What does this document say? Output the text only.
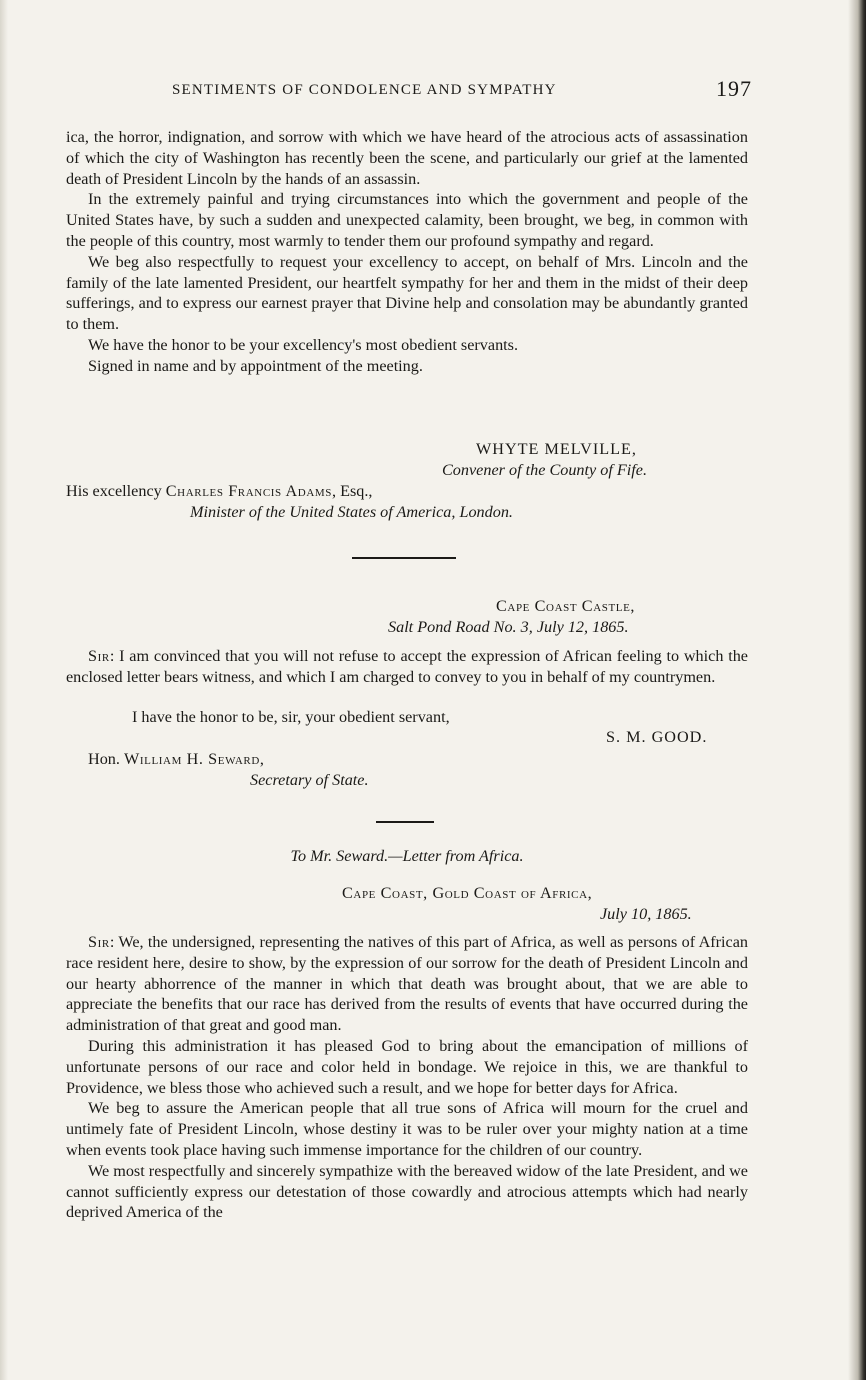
SENTIMENTS OF CONDOLENCE AND SYMPATHY	197

ica, the horror, indignation, and sorrow with which we have heard of the atrocious acts of assassination of which the city of Washington has recently been the scene, and particularly our grief at the lamented death of President Lincoln by the hands of an assassin.

In the extremely painful and trying circumstances into which the government and people of the United States have, by such a sudden and unexpected calamity, been brought, we beg, in common with the people of this country, most warmly to tender them our profound sympathy and regard.

We beg also respectfully to request your excellency to accept, on behalf of Mrs. Lincoln and the family of the late lamented President, our heartfelt sympathy for her and them in the midst of their deep sufferings, and to express our earnest prayer that Divine help and consolation may be abundantly granted to them.

We have the honor to be your excellency's most obedient servants.

Signed in name and by appointment of the meeting.

WHYTE MELVILLE,
Convener of the County of Fife.
His excellency Charles Francis Adams, Esq.,
Minister of the United States of America, London.
Cape Coast Castle,
Salt Pond Road No. 3, July 12, 1865.

Sir: I am convinced that you will not refuse to accept the expression of African feeling to which the enclosed letter bears witness, and which I am charged to convey to you in behalf of my countrymen.

I have the honor to be, sir, your obedient servant,
S. M. GOOD.
Hon. William H. Seward,
Secretary of State.
To Mr. Seward.—Letter from Africa.
Cape Coast, Gold Coast of Africa,
July 10, 1865.

Sir: We, the undersigned, representing the natives of this part of Africa, as well as persons of African race resident here, desire to show, by the expression of our sorrow for the death of President Lincoln and our hearty abhorrence of the manner in which that death was brought about, that we are able to appreciate the benefits that our race has derived from the results of events that have occurred during the administration of that great and good man.

During this administration it has pleased God to bring about the emancipation of millions of unfortunate persons of our race and color held in bondage. We rejoice in this, we are thankful to Providence, we bless those who achieved such a result, and we hope for better days for Africa.

We beg to assure the American people that all true sons of Africa will mourn for the cruel and untimely fate of President Lincoln, whose destiny it was to be ruler over your mighty nation at a time when events took place having such immense importance for the children of our country.

We most respectfully and sincerely sympathize with the bereaved widow of the late President, and we cannot sufficiently express our detestation of those cowardly and atrocious attempts which had nearly deprived America of the
